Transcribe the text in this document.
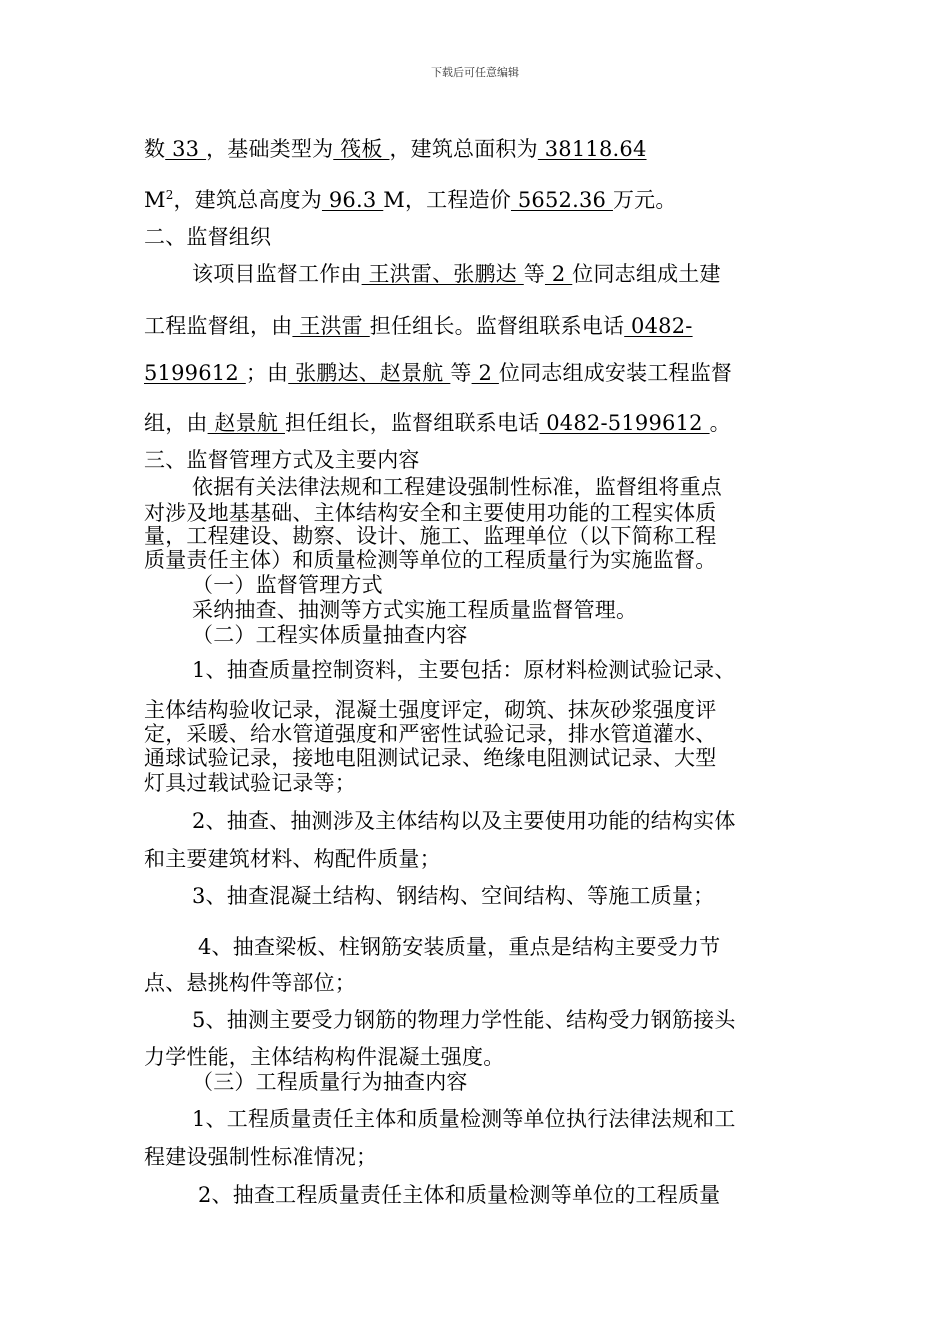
下载后可任意编辑
数 33 ，基础类型为 筏板 ，建筑总面积为 38118.64
$M^2$，建筑总高度为 96.3 M，工程造价 5652.36 万元。
二、监督组织
该项目监督工作由 王洪雷、张鹏达 等 2 位同志组成土建
工程监督组，由 王洪雷 担任组长。监督组联系电话 0482-
5199612 ；由 张鹏达、赵景航 等 2 位同志组成安装工程监督
组，由 赵景航 担任组长，监督组联系电话 0482-5199612 。
三、监督管理方式及主要内容
依据有关法律法规和工程建设强制性标准，监督组将重点
对涉及地基基础、主体结构安全和主要使用功能的工程实体质
量，工程建设、勘察、设计、施工、监理单位（以下简称工程
质量责任主体）和质量检测等单位的工程质量行为实施监督。
（一）监督管理方式
采纳抽查、抽测等方式实施工程质量监督管理。
（二）工程实体质量抽查内容
1、抽查质量控制资料，主要包括：原材料检测试验记录、
主体结构验收记录，混凝土强度评定，砌筑、抹灰砂浆强度评
定，采暖、给水管道强度和严密性试验记录，排水管道灌水、
通球试验记录，接地电阻测试记录、绝缘电阻测试记录、大型
灯具过载试验记录等；
2、抽查、抽测涉及主体结构以及主要使用功能的结构实体
和主要建筑材料、构配件质量；
3、抽查混凝土结构、钢结构、空间结构、等施工质量；
4、抽查梁板、柱钢筋安装质量，重点是结构主要受力节
点、悬挑构件等部位；
5、抽测主要受力钢筋的物理力学性能、结构受力钢筋接头
力学性能，主体结构构件混凝土强度。
（三）工程质量行为抽查内容
1、工程质量责任主体和质量检测等单位执行法律法规和工
程建设强制性标准情况；
2、抽查工程质量责任主体和质量检测等单位的工程质量
